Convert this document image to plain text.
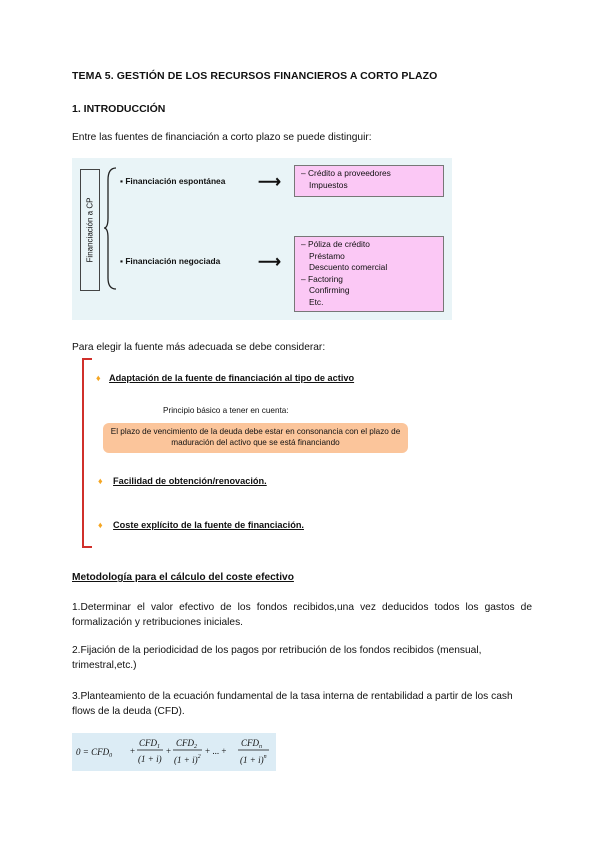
TEMA 5. GESTIÓN DE LOS RECURSOS FINANCIEROS A CORTO PLAZO
1. INTRODUCCIÓN
Entre las fuentes de financiación a corto plazo se puede distinguir:
Financiación a CP
▪ Financiación espontánea ⟶
– Crédito a proveedores
Impuestos
▪ Financiación negociada ⟶
– Póliza de crédito
Préstamo
Descuento comercial
– Factoring
Confirming
Etc.
Para elegir la fuente más adecuada se debe considerar:
♦ Adaptación de la fuente de financiación al tipo de activo
Principio básico a tener en cuenta:
El plazo de vencimiento de la deuda debe estar en consonancia con el plazo de maduración del activo que se está financiando
♦ Facilidad de obtención/renovación.
♦ Coste explícito de la fuente de financiación.
Metodología para el cálculo del coste efectivo
1.Determinar el valor efectivo de los fondos recibidos,una vez deducidos todos los gastos de formalización y retribuciones iniciales.
2.Fijación de la periodicidad de los pagos por retribución de los fondos recibidos (mensual, trimestral,etc.)
3.Planteamiento de la ecuación fundamental de la tasa interna de rentabilidad a partir de los cash flows de la deuda (CFD).
$0 = CFD_0$ +
$CFD_1$
(1 + i)
+
$CFD_2$
$(1 + i)^2$
+ ... +
$CFD_n$
$(1 + i)^n$
